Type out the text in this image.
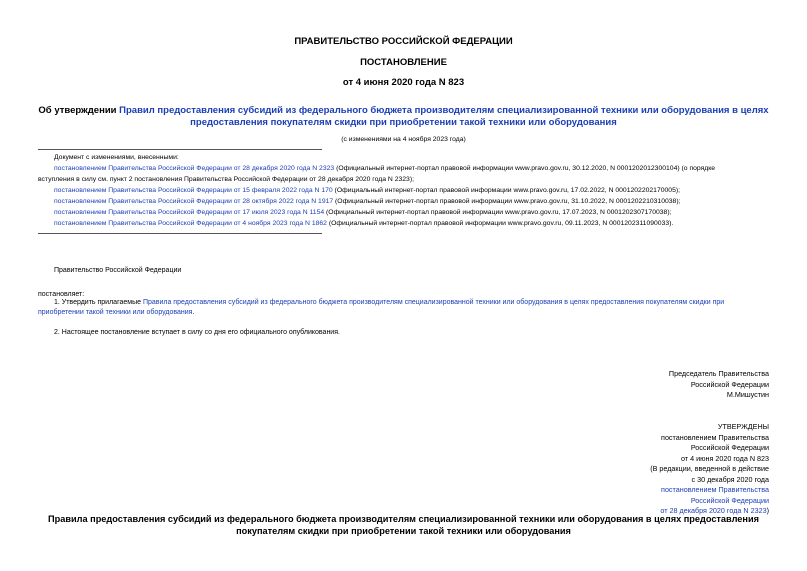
ПРАВИТЕЛЬСТВО РОССИЙСКОЙ ФЕДЕРАЦИИ
ПОСТАНОВЛЕНИЕ
от 4 июня 2020 года N 823
Об утверждении Правил предоставления субсидий из федерального бюджета производителям специализированной техники или оборудования в целях
предоставления покупателям скидки при приобретении такой техники или оборудования
(с изменениями на 4 ноября 2023 года)
Документ с изменениями, внесенными:
постановлением Правительства Российской Федерации от 28 декабря 2020 года N 2323 (Официальный интернет-портал правовой информации www.pravo.gov.ru, 30.12.2020, N 0001202012300104) (о порядке
вступления в силу см. пункт 2 постановления Правительства Российской Федерации от 28 декабря 2020 года N 2323);
постановлением Правительства Российской Федерации от 15 февраля 2022 года N 170 (Официальный интернет-портал правовой информации www.pravo.gov.ru, 17.02.2022, N 0001202202170005);
постановлением Правительства Российской Федерации от 28 октября 2022 года N 1917 (Официальный интернет-портал правовой информации www.pravo.gov.ru, 31.10.2022, N 0001202210310038);
постановлением Правительства Российской Федерации от 17 июля 2023 года N 1154 (Официальный интернет-портал правовой информации www.pravo.gov.ru, 17.07.2023, N 0001202307170038);
постановлением Правительства Российской Федерации от 4 ноября 2023 года N 1862 (Официальный интернет-портал правовой информации www.pravo.gov.ru, 09.11.2023, N 0001202311090033).
Правительство Российской Федерации
постановляет:
1. Утвердить прилагаемые Правила предоставления субсидий из федерального бюджета производителям специализированной техники или оборудования в целях предоставления покупателям скидки при
приобретении такой техники или оборудования.
2. Настоящее постановление вступает в силу со дня его официального опубликования.
Председатель Правительства
Российской Федерации
М.Мишустин
УТВЕРЖДЕНЫ
постановлением Правительства
Российской Федерации
от 4 июня 2020 года N 823
(В редакции, введенной в действие
с 30 декабря 2020 года
постановлением Правительства
Российской Федерации
от 28 декабря 2020 года N 2323)
Правила предоставления субсидий из федерального бюджета производителям специализированной техники или оборудования в целях предоставления
покупателям скидки при приобретении такой техники или оборудования
